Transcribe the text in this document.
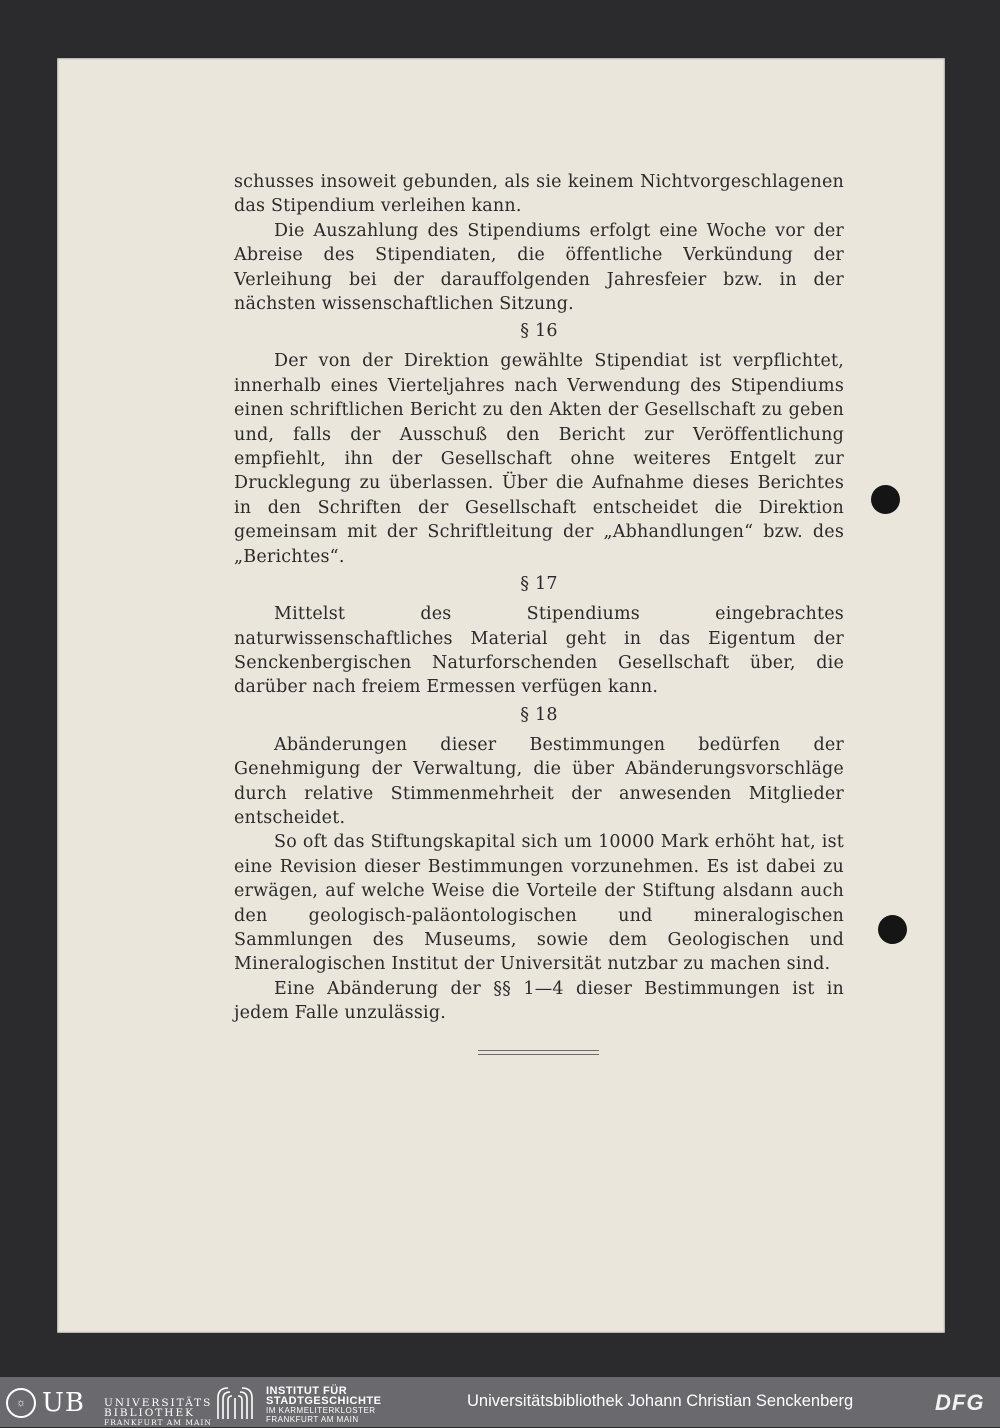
schusses insoweit gebunden, als sie keinem Nichtvorgeschlagenen das Stipendium verleihen kann.

Die Auszahlung des Stipendiums erfolgt eine Woche vor der Abreise des Stipendiaten, die öffentliche Verkündung der Verleihung bei der darauffolgenden Jahresfeier bzw. in der nächsten wissenschaftlichen Sitzung.

§ 16

Der von der Direktion gewählte Stipendiat ist verpflichtet, innerhalb eines Vierteljahres nach Verwendung des Stipendiums einen schriftlichen Bericht zu den Akten der Gesellschaft zu geben und, falls der Ausschuß den Bericht zur Veröffentlichung empfiehlt, ihn der Gesellschaft ohne weiteres Entgelt zur Drucklegung zu überlassen. Über die Aufnahme dieses Berichtes in den Schriften der Gesellschaft entscheidet die Direktion gemeinsam mit der Schriftleitung der „Abhandlungen“ bzw. des „Berichtes“.

§ 17

Mittelst des Stipendiums eingebrachtes naturwissenschaftliches Material geht in das Eigentum der Senckenbergischen Naturforschenden Gesellschaft über, die darüber nach freiem Ermessen verfügen kann.

§ 18

Abänderungen dieser Bestimmungen bedürfen der Genehmigung der Verwaltung, die über Abänderungsvorschläge durch relative Stimmenmehrheit der anwesenden Mitglieder entscheidet.

So oft das Stiftungskapital sich um 10000 Mark erhöht hat, ist eine Revision dieser Bestimmungen vorzunehmen. Es ist dabei zu erwägen, auf welche Weise die Vorteile der Stiftung alsdann auch den geologisch-paläontologischen und mineralogischen Sammlungen des Museums, sowie dem Geologischen und Mineralogischen Institut der Universität nutzbar zu machen sind.

Eine Abänderung der §§ 1—4 dieser Bestimmungen ist in jedem Falle unzulässig.

☼ UB UNIVERSITÄTS
BIBLIOTHEK
FRANKFURT AM MAIN
INSTITUT FÜR
STADTGESCHICHTE
IM KARMELITERKLOSTER
FRANKFURT AM MAIN
Universitätsbibliothek Johann Christian Senckenberg	DFG
